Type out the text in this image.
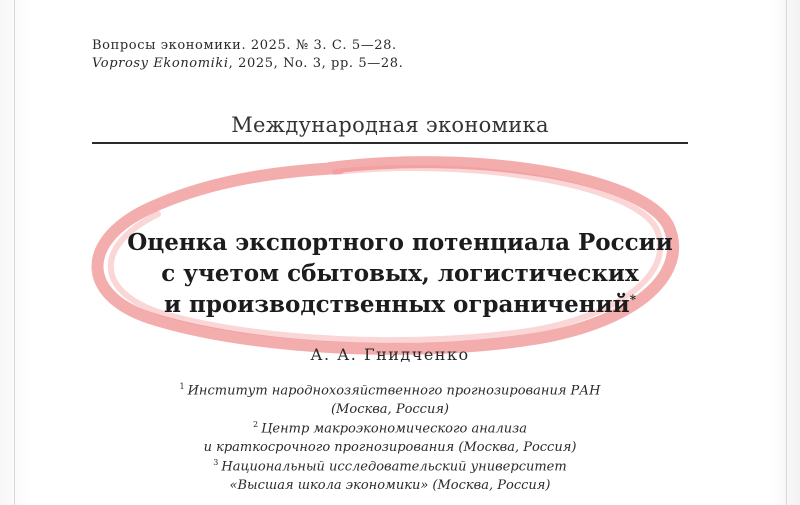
Вопросы экономики. 2025. № 3. С. 5—28.
Voprosy Ekonomiki, 2025, No. 3, pp. 5—28.
Международная экономика
Оценка экспортного потенциала России
с учетом сбытовых, логистических
и производственных ограничений*
А. А. Гнидченко
$^1$ Институт народнохозяйственного прогнозирования РАН
(Москва, Россия)
$^2$ Центр макроэкономического анализа
и краткосрочного прогнозирования (Москва, Россия)
$^3$ Национальный исследовательский университет
«Высшая школа экономики» (Москва, Россия)
